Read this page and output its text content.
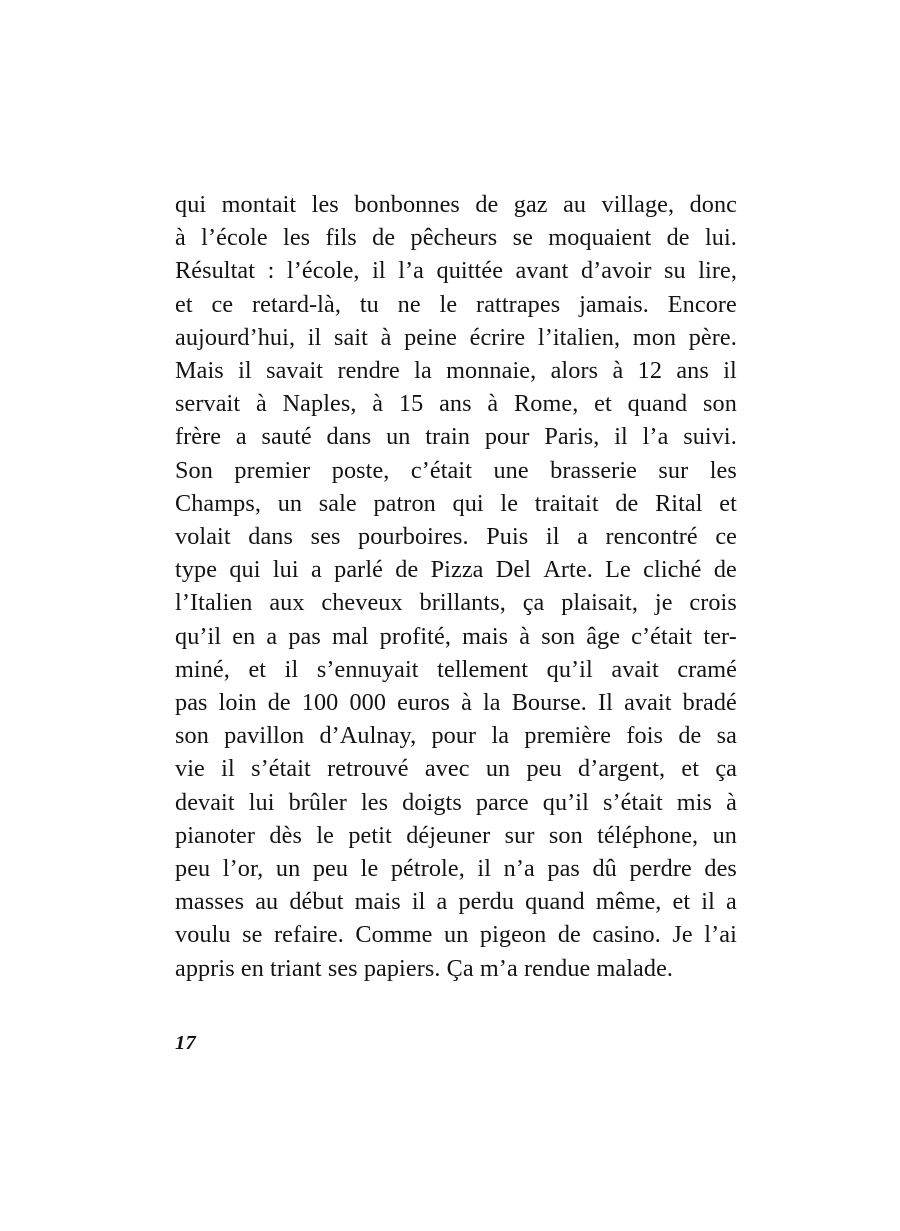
qui montait les bonbonnes de gaz au village, donc
à l’école les fils de pêcheurs se moquaient de lui.
Résultat : l’école, il l’a quittée avant d’avoir su lire,
et ce retard-là, tu ne le rattrapes jamais. Encore
aujourd’hui, il sait à peine écrire l’italien, mon père.
Mais il savait rendre la monnaie, alors à 12 ans il
servait à Naples, à 15 ans à Rome, et quand son
frère a sauté dans un train pour Paris, il l’a suivi.
Son premier poste, c’était une brasserie sur les
Champs, un sale patron qui le traitait de Rital et
volait dans ses pourboires. Puis il a rencontré ce
type qui lui a parlé de Pizza Del Arte. Le cliché de
l’Italien aux cheveux brillants, ça plaisait, je crois
qu’il en a pas mal profité, mais à son âge c’était ter-
miné, et il s’ennuyait tellement qu’il avait cramé
pas loin de 100 000 euros à la Bourse. Il avait bradé
son pavillon d’Aulnay, pour la première fois de sa
vie il s’était retrouvé avec un peu d’argent, et ça
devait lui brûler les doigts parce qu’il s’était mis à
pianoter dès le petit déjeuner sur son téléphone, un
peu l’or, un peu le pétrole, il n’a pas dû perdre des
masses au début mais il a perdu quand même, et il a
voulu se refaire. Comme un pigeon de casino. Je l’ai
appris en triant ses papiers. Ça m’a rendue malade.
17
